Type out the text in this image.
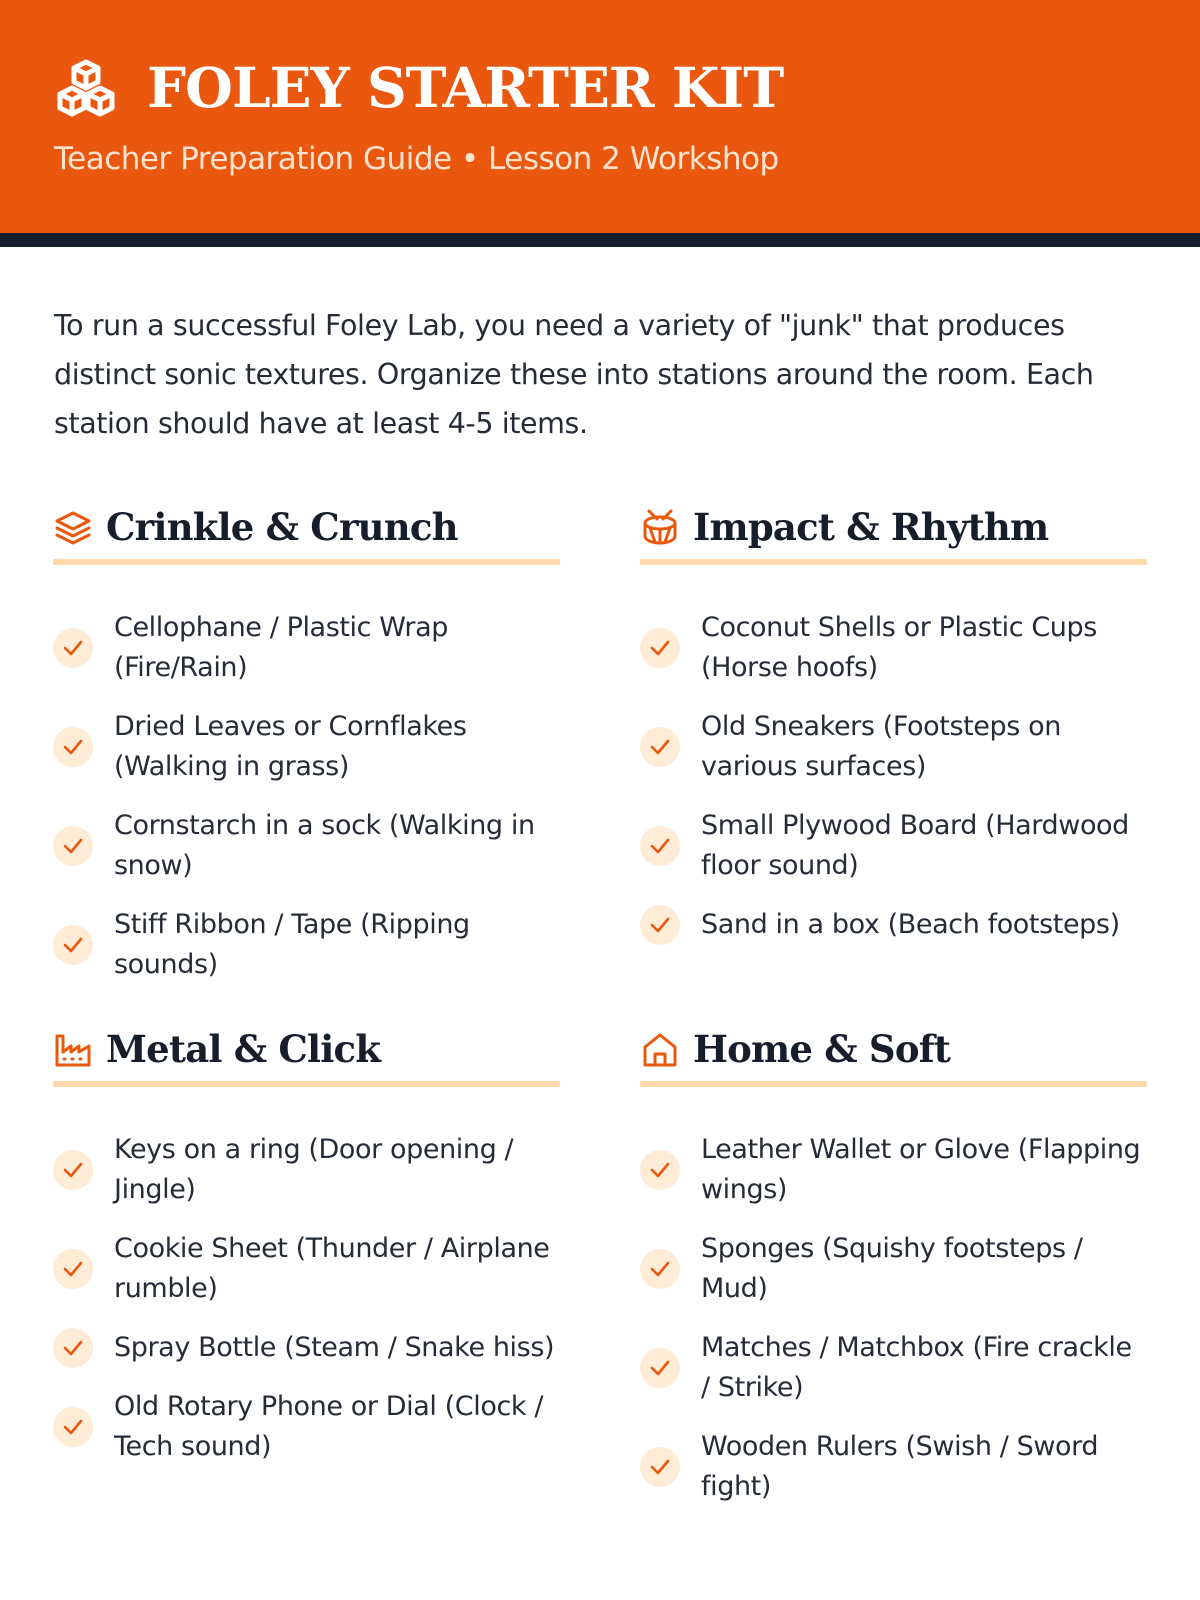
FOLEY STARTER KIT
Teacher Preparation Guide • Lesson 2 Workshop

To run a successful Foley Lab, you need a variety of "junk" that produces distinct sonic textures. Organize these into stations around the room. Each station should have at least 4-5 items.

Crinkle & Crunch
Cellophane / Plastic Wrap (Fire/Rain)
Dried Leaves or Cornflakes (Walking in grass)
Cornstarch in a sock (Walking in snow)
Stiff Ribbon / Tape (Ripping sounds)
Impact & Rhythm
Coconut Shells or Plastic Cups (Horse hoofs)
Old Sneakers (Footsteps on various surfaces)
Small Plywood Board (Hardwood floor sound)
Sand in a box (Beach footsteps)
Metal & Click
Keys on a ring (Door opening / Jingle)
Cookie Sheet (Thunder / Airplane rumble)
Spray Bottle (Steam / Snake hiss)
Old Rotary Phone or Dial (Clock / Tech sound)
Home & Soft
Leather Wallet or Glove (Flapping wings)
Sponges (Squishy footsteps / Mud)
Matches / Matchbox (Fire crackle / Strike)
Wooden Rulers (Swish / Sword fight)
